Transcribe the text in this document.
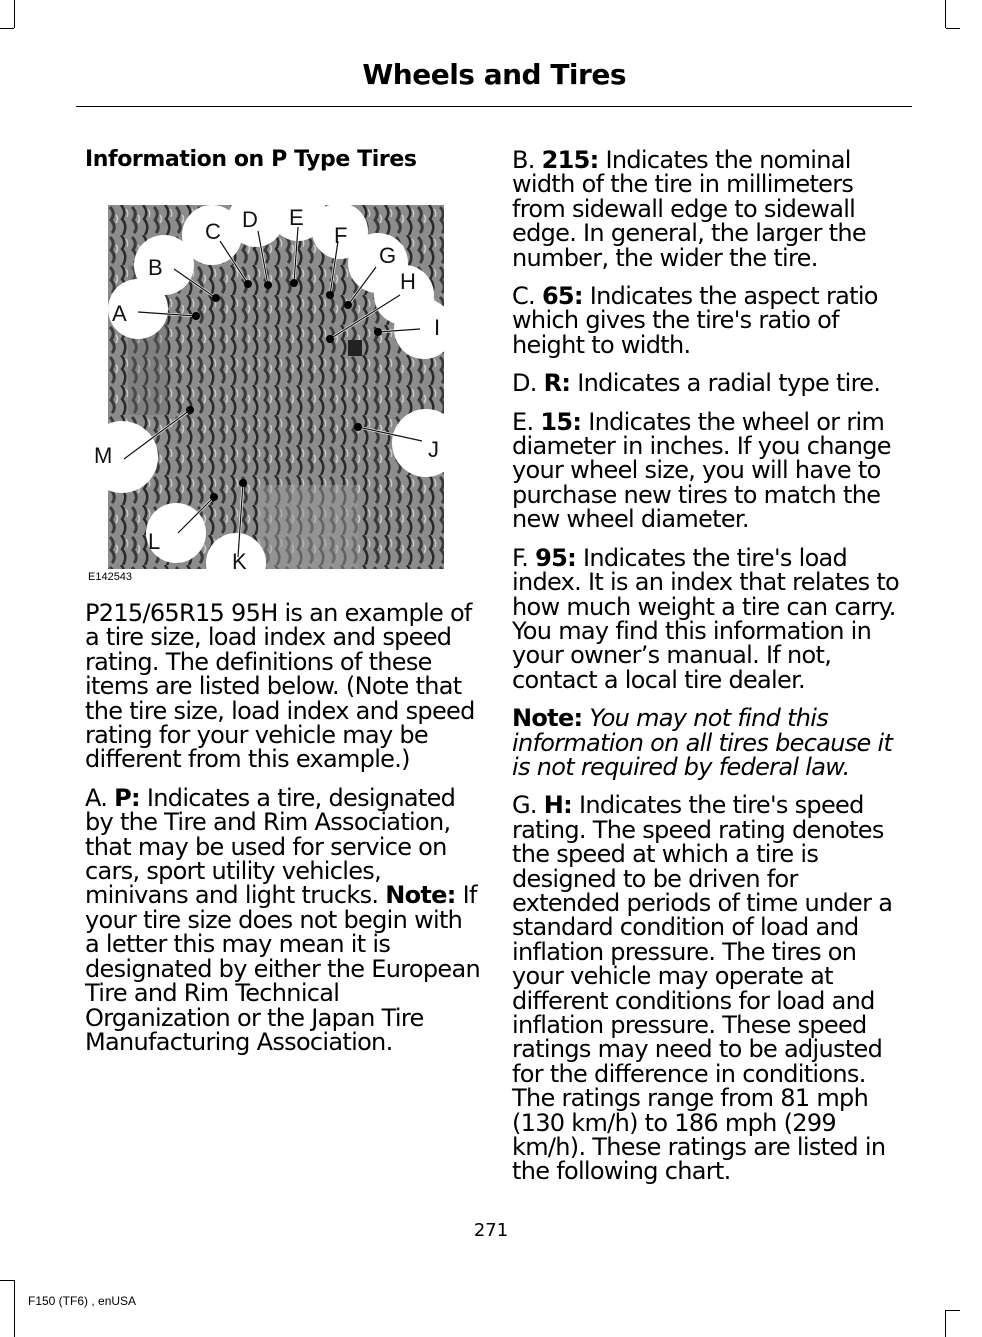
Wheels and Tires
Information on P Type Tires
A
B
C D E
F
G
H
I
J
K
L
M
E142543

P215/65R15 95H is an example of a tire size, load index and speed rating. The definitions of these items are listed below. (Note that the tire size, load index and speed rating for your vehicle may be different from this example.)

A. P: Indicates a tire, designated by the Tire and Rim Association, that may be used for service on cars, sport utility vehicles, minivans and light trucks. Note: If your tire size does not begin with a letter this may mean it is designated by either the European Tire and Rim Technical Organization or the Japan Tire Manufacturing Association.

B. 215: Indicates the nominal width of the tire in millimeters from sidewall edge to sidewall edge. In general, the larger the number, the wider the tire.

C. 65: Indicates the aspect ratio which gives the tire's ratio of height to width.

D. R: Indicates a radial type tire.

E. 15: Indicates the wheel or rim diameter in inches. If you change your wheel size, you will have to purchase new tires to match the new wheel diameter.

F. 95: Indicates the tire's load index. It is an index that relates to how much weight a tire can carry. You may find this information in your owner’s manual. If not, contact a local tire dealer.

Note: You may not find this information on all tires because it is not required by federal law.

G. H: Indicates the tire's speed rating. The speed rating denotes the speed at which a tire is designed to be driven for extended periods of time under a standard condition of load and inflation pressure. The tires on your vehicle may operate at different conditions for load and inflation pressure. These speed ratings may need to be adjusted for the difference in conditions. The ratings range from 81 mph (130 km/h) to 186 mph (299 km/h). These ratings are listed in the following chart.

271
F150 (TF6) , enUSA
